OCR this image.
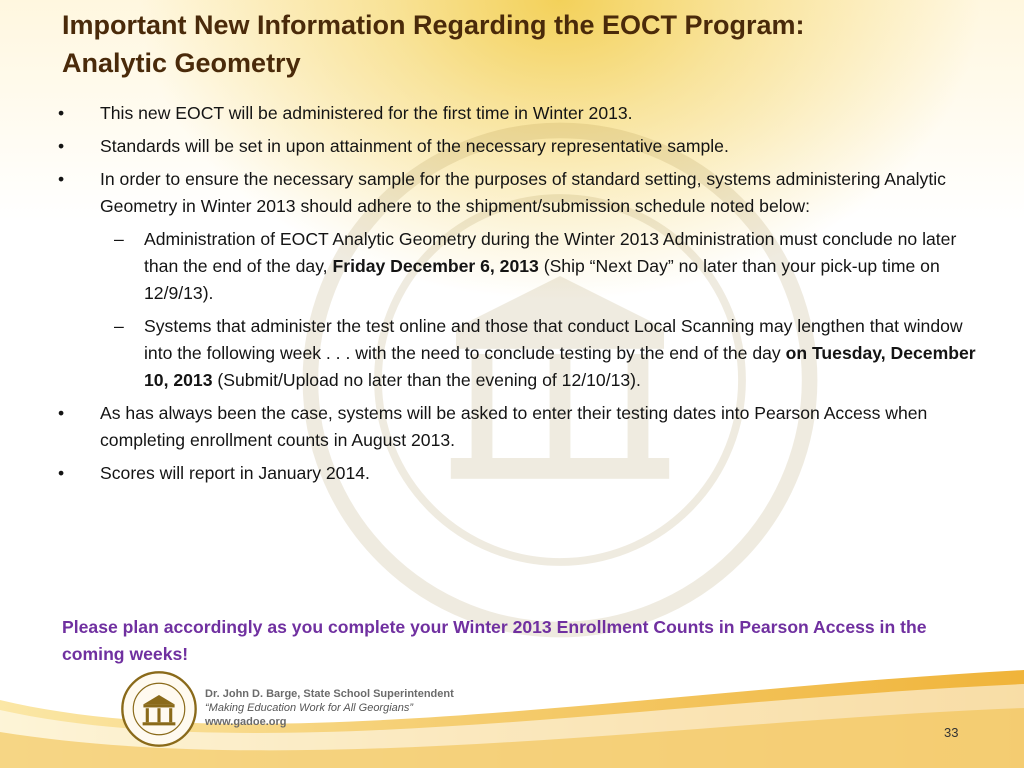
Important New Information Regarding the EOCT Program:
Analytic Geometry
• This new EOCT will be administered for the first time in Winter 2013.
• Standards will be set in upon attainment of the necessary representative sample.
• In order to ensure the necessary sample for the purposes of standard setting, systems administering Analytic Geometry in Winter 2013 should adhere to the shipment/submission schedule noted below:
– Administration of EOCT Analytic Geometry during the Winter 2013 Administration must conclude no later than the end of the day, Friday December 6, 2013 (Ship “Next Day” no later than your pick-up time on 12/9/13).
– Systems that administer the test online and those that conduct Local Scanning may lengthen that window into the following week . . . with the need to conclude testing by the end of the day on Tuesday, December 10, 2013 (Submit/Upload no later than the evening of 12/10/13).
• As has always been the case, systems will be asked to enter their testing dates into Pearson Access when completing enrollment counts in August 2013.
• Scores will report in January 2014.
Please plan accordingly as you complete your Winter 2013 Enrollment Counts in Pearson Access in the coming weeks!
Dr. John D. Barge, State School Superintendent
“Making Education Work for All Georgians”
www.gadoe.org
33
